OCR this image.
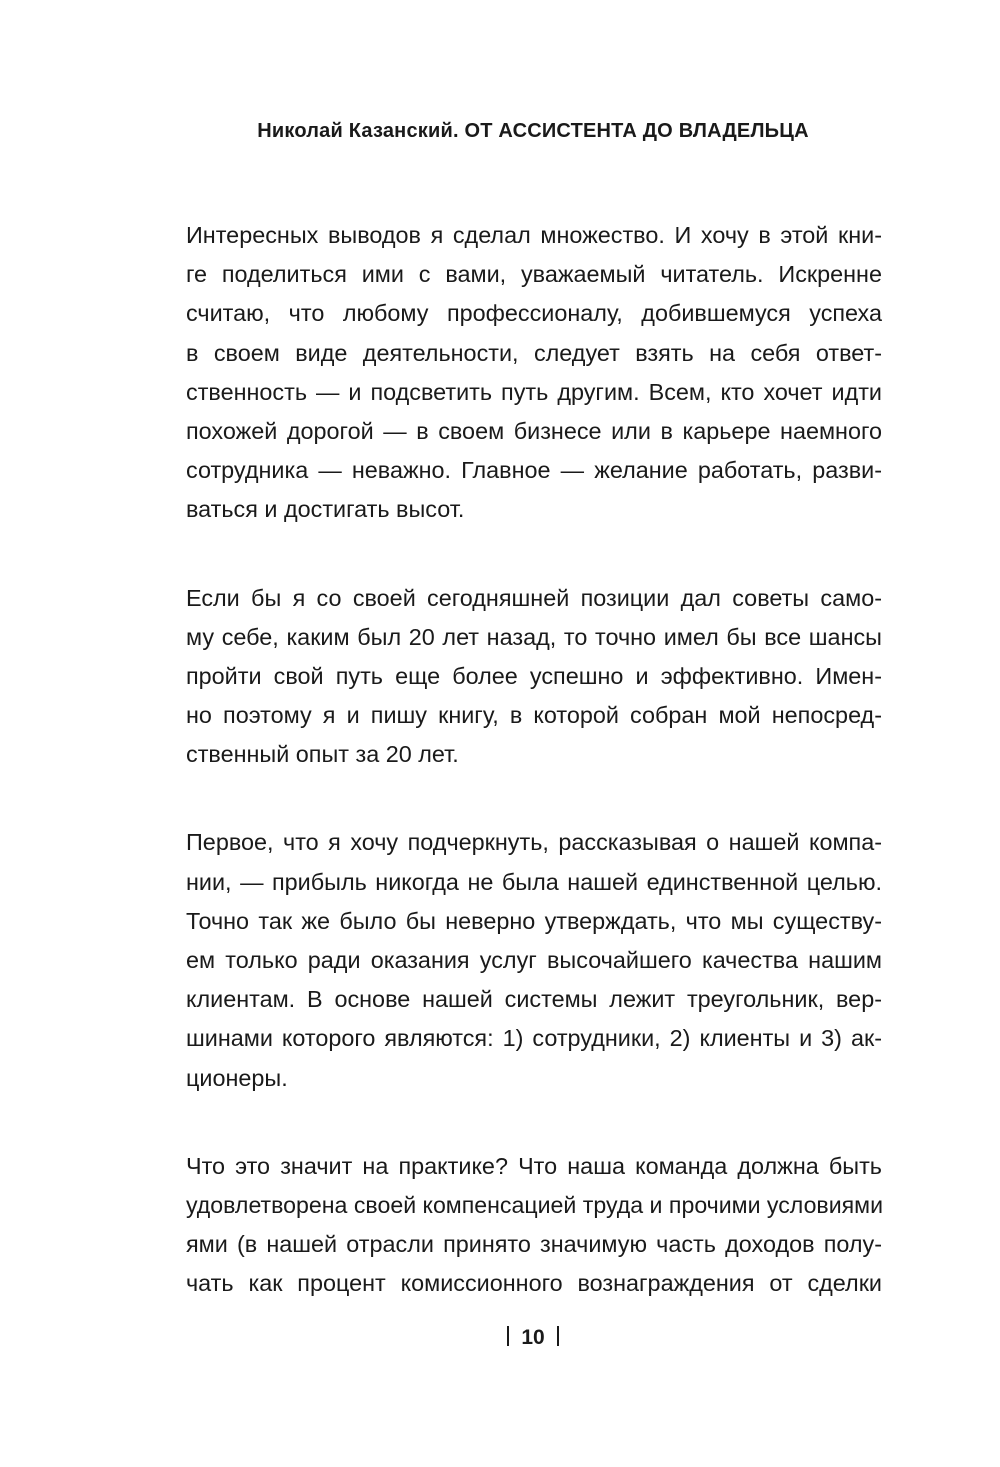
Николай Казанский. ОТ АССИСТЕНТА ДО ВЛАДЕЛЬЦА

Интересных выводов я сделал множество. И хочу в этой кни-
ге поделиться ими с вами, уважаемый читатель. Искренне
считаю, что любому профессионалу, добившемуся успеха
в своем виде деятельности, следует взять на себя ответ-
ственность — и подсветить путь другим. Всем, кто хочет идти
похожей дорогой — в своем бизнесе или в карьере наемного
сотрудника — неважно. Главное — желание работать, разви-
ваться и достигать высот.

Если бы я со своей сегодняшней позиции дал советы само-
му себе, каким был 20 лет назад, то точно имел бы все шансы
пройти свой путь еще более успешно и эффективно. Имен-
но поэтому я и пишу книгу, в которой собран мой непосред-
ственный опыт за 20 лет.

Первое, что я хочу подчеркнуть, рассказывая о нашей компа-
нии, — прибыль никогда не была нашей единственной целью.
Точно так же было бы неверно утверждать, что мы существу-
ем только ради оказания услуг высочайшего качества нашим
клиентам. В основе нашей системы лежит треугольник, вер-
шинами которого являются: 1) сотрудники, 2) клиенты и 3) ак-
ционеры.

Что это значит на практике? Что наша команда должна быть
удовлетворена своей компенсацией труда и прочими условиями
ями (в нашей отрасли принято значимую часть доходов полу-
чать как процент комиссионного вознаграждения от сделки

10
